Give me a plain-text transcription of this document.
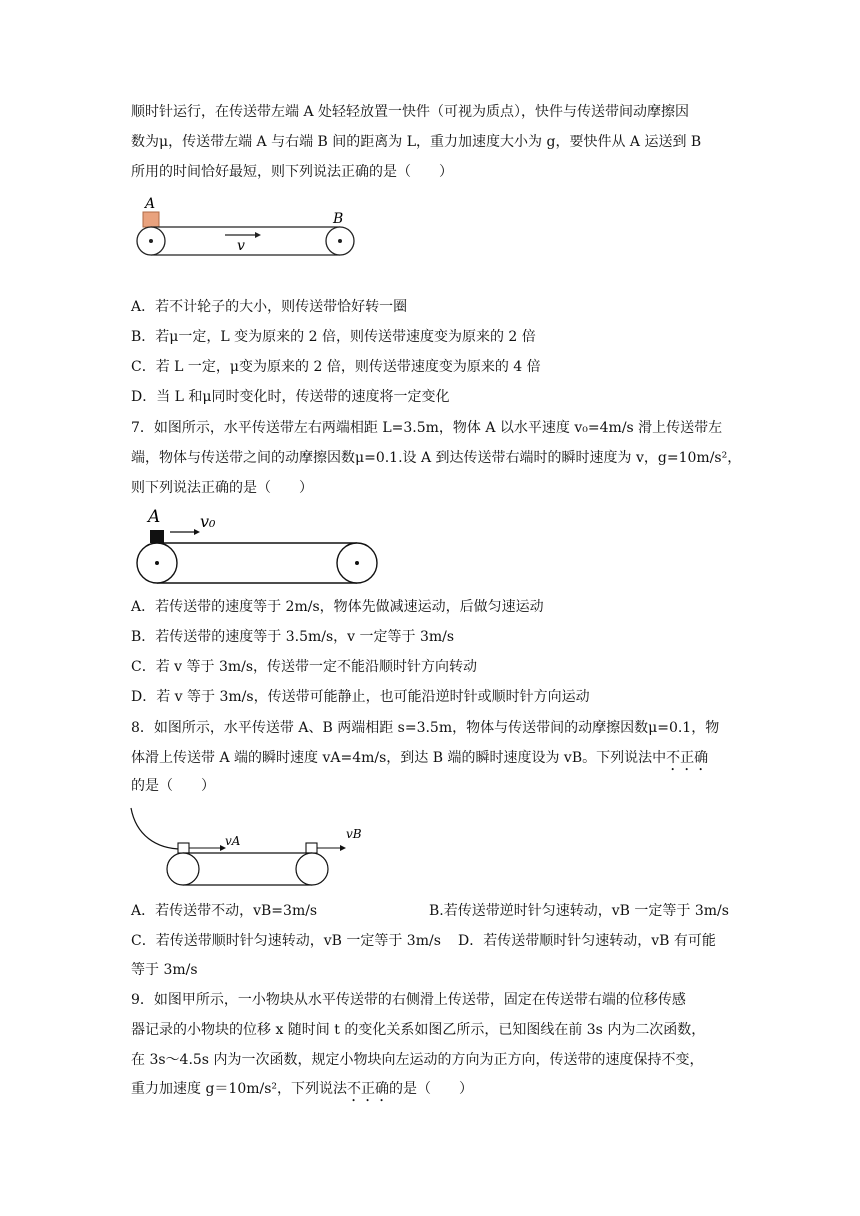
顺时针运行，在传送带左端 A 处轻轻放置一快件（可视为质点），快件与传送带间动摩擦因
数为μ，传送带左端 A 与右端 B 间的距离为 L，重力加速度大小为 g，要快件从 A 运送到 B
所用的时间恰好最短，则下列说法正确的是（　　）
A
B
v
A．若不计轮子的大小，则传送带恰好转一圈
B．若μ一定，L 变为原来的 2 倍，则传送带速度变为原来的 2 倍
C．若 L 一定，μ变为原来的 2 倍，则传送带速度变为原来的 4 倍
D．当 L 和μ同时变化时，传送带的速度将一定变化
7．如图所示，水平传送带左右两端相距 L=3.5m，物体 A 以水平速度 v₀=4m/s 滑上传送带左
端，物体与传送带之间的动摩擦因数μ=0.1.设 A 到达传送带右端时的瞬时速度为 v，g=10m/s²，
则下列说法正确的是（　　）
A v₀
A．若传送带的速度等于 2m/s，物体先做减速运动，后做匀速运动
B．若传送带的速度等于 3.5m/s，v 一定等于 3m/s
C．若 v 等于 3m/s，传送带一定不能沿顺时针方向转动
D．若 v 等于 3m/s，传送带可能静止，也可能沿逆时针或顺时针方向运动
8．如图所示，水平传送带 A、B 两端相距 s=3.5m，物体与传送带间的动摩擦因数μ=0.1，物
体滑上传送带 A 端的瞬时速度 vA=4m/s，到达 B 端的瞬时速度设为 vB。下列说法中不正确
的是（　　）
vA	vB
A．若传送带不动，vB=3m/s	B.若传送带逆时针匀速转动，vB 一定等于 3m/s
C．若传送带顺时针匀速转动，vB 一定等于 3m/s D．若传送带顺时针匀速转动，vB 有可能
等于 3m/s
9．如图甲所示，一小物块从水平传送带的右侧滑上传送带，固定在传送带右端的位移传感
器记录的小物块的位移 x 随时间 t 的变化关系如图乙所示，已知图线在前 3s 内为二次函数，
在 3s～4.5s 内为一次函数，规定小物块向左运动的方向为正方向，传送带的速度保持不变，
重力加速度 g＝10m/s²，下列说法不正确的是（　　）
